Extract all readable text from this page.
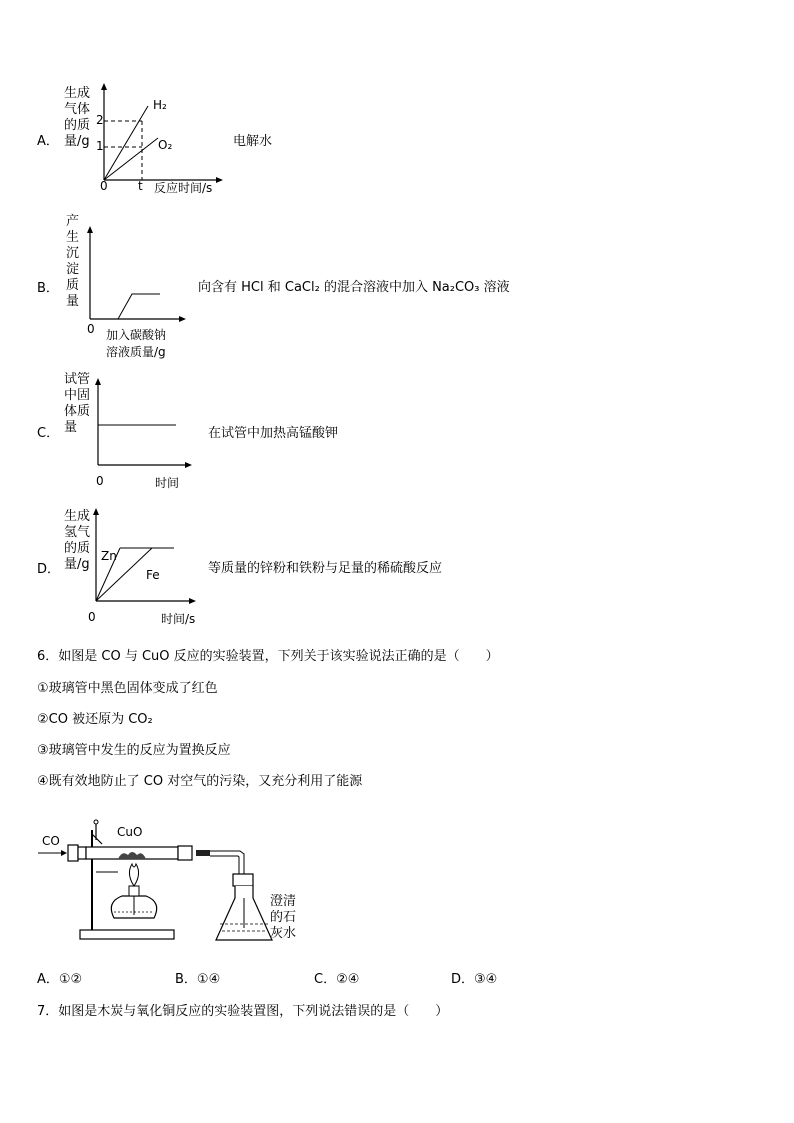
A．
生成
气体
的质
量/g
2
1
0	t 反应时间/s
H₂
O₂	电解水
B．
产
生
沉
淀
质
量
0 加入碳酸钠
溶液质量/g
向含有 HCl 和 CaCl₂ 的混合溶液中加入 Na₂CO₃ 溶液
C．
试管
中固
体质
量
0	时间
在试管中加热高锰酸钾
D．
生成
氢气
的质
量/g
Zn
Fe
0	时间/s
等质量的锌粉和铁粉与足量的稀硫酸反应
6．如图是 CO 与 CuO 反应的实验装置，下列关于该实验说法正确的是（　　）
①玻璃管中黑色固体变成了红色
②CO 被还原为 CO₂
③玻璃管中发生的反应为置换反应
④既有效地防止了 CO 对空气的污染，又充分利用了能源
CO
CuO
澄清
的石
灰水
A．①②	B．①④	C．②④	D．③④
7．如图是木炭与氧化铜反应的实验装置图，下列说法错误的是（　　）
